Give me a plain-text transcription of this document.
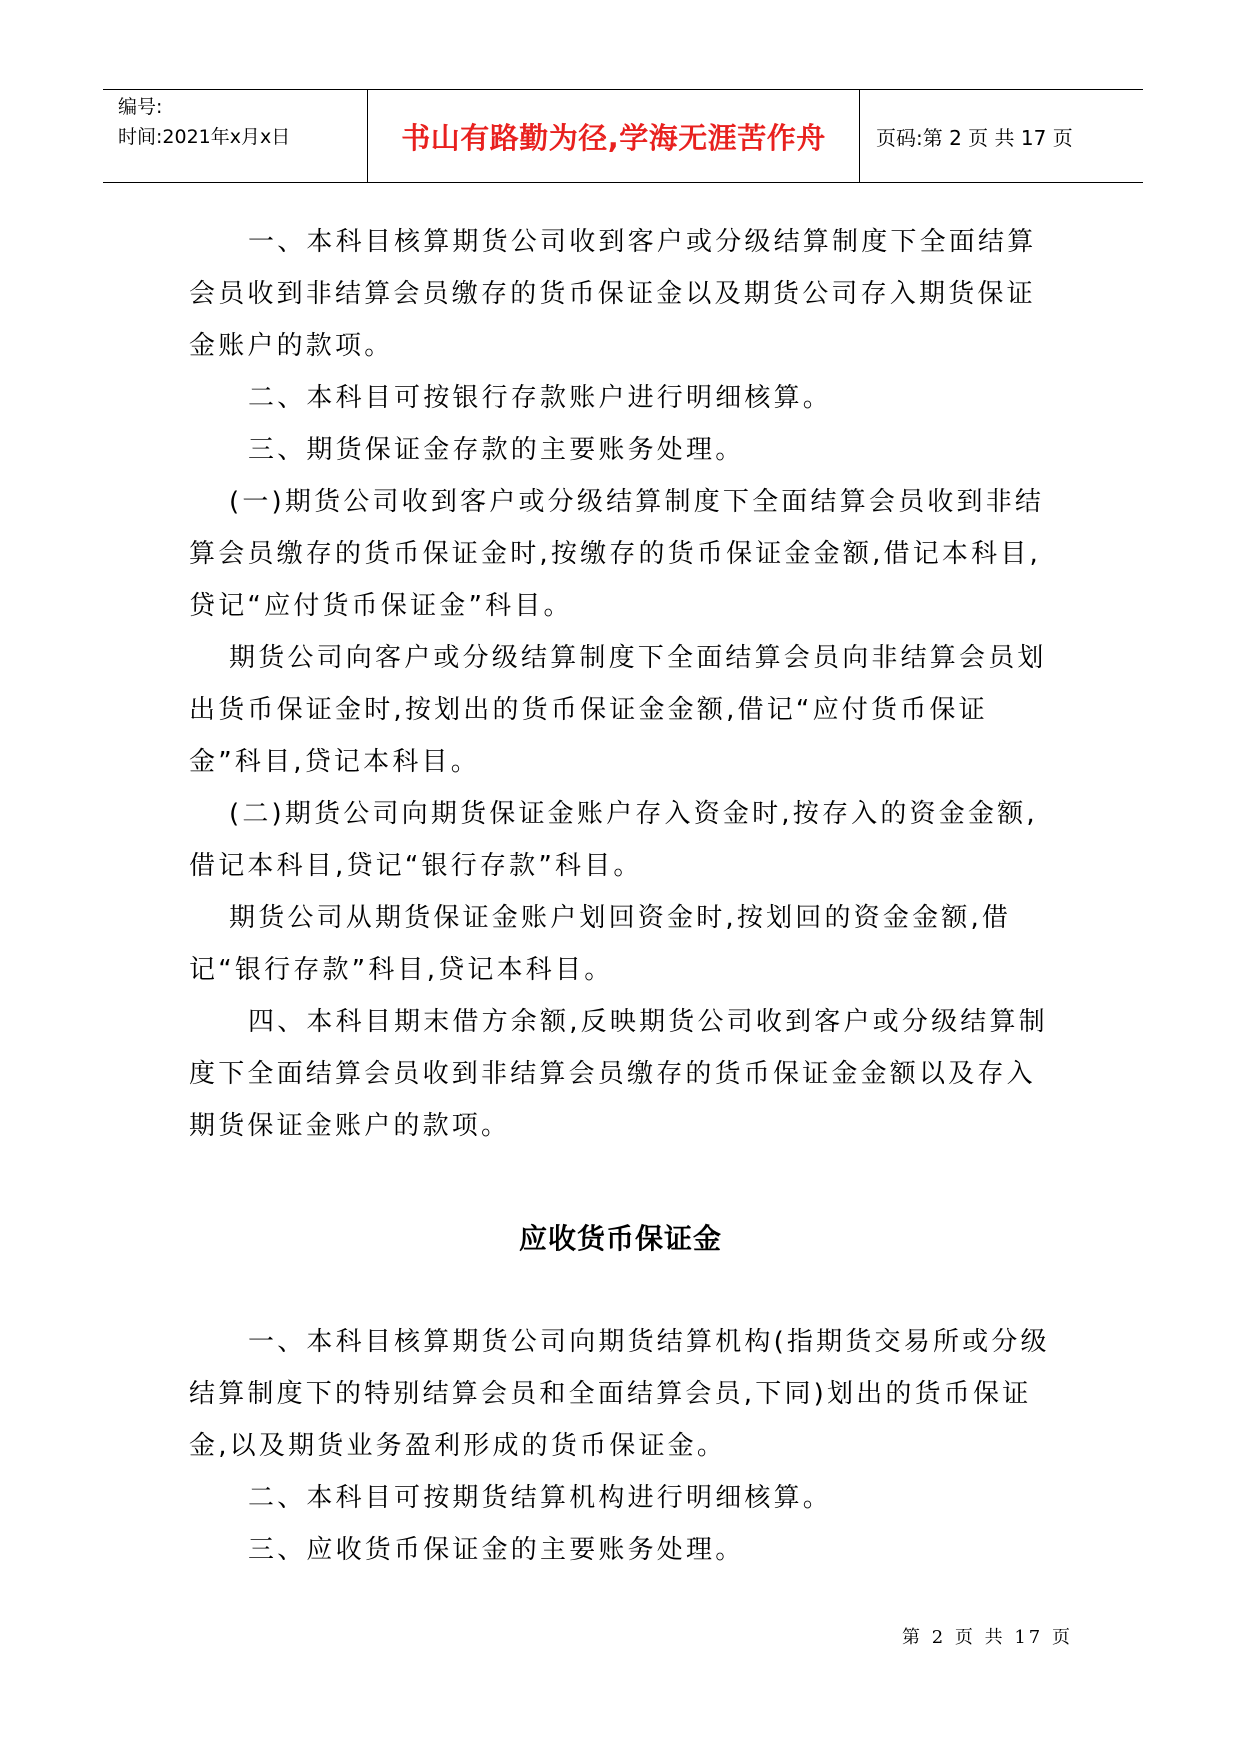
编号:
时间:2021年x月x日	书山有路勤为径,学海无涯苦作舟	页码:第 2 页 共 17 页

一、本科目核算期货公司收到客户或分级结算制度下全面结算会员收到非结算会员缴存的货币保证金以及期货公司存入期货保证金账户的款项。

二、本科目可按银行存款账户进行明细核算。

三、期货保证金存款的主要账务处理。

(一)期货公司收到客户或分级结算制度下全面结算会员收到非结算会员缴存的货币保证金时,按缴存的货币保证金金额,借记本科目,贷记“应付货币保证金”科目。

期货公司向客户或分级结算制度下全面结算会员向非结算会员划出货币保证金时,按划出的货币保证金金额,借记“应付货币保证金”科目,贷记本科目。

(二)期货公司向期货保证金账户存入资金时,按存入的资金金额,借记本科目,贷记“银行存款”科目。

期货公司从期货保证金账户划回资金时,按划回的资金金额,借记“银行存款”科目,贷记本科目。

四、本科目期末借方余额,反映期货公司收到客户或分级结算制度下全面结算会员收到非结算会员缴存的货币保证金金额以及存入期货保证金账户的款项。

应收货币保证金

一、本科目核算期货公司向期货结算机构(指期货交易所或分级结算制度下的特别结算会员和全面结算会员,下同)划出的货币保证金,以及期货业务盈利形成的货币保证金。

二、本科目可按期货结算机构进行明细核算。

三、应收货币保证金的主要账务处理。

第 2 页 共 17 页
